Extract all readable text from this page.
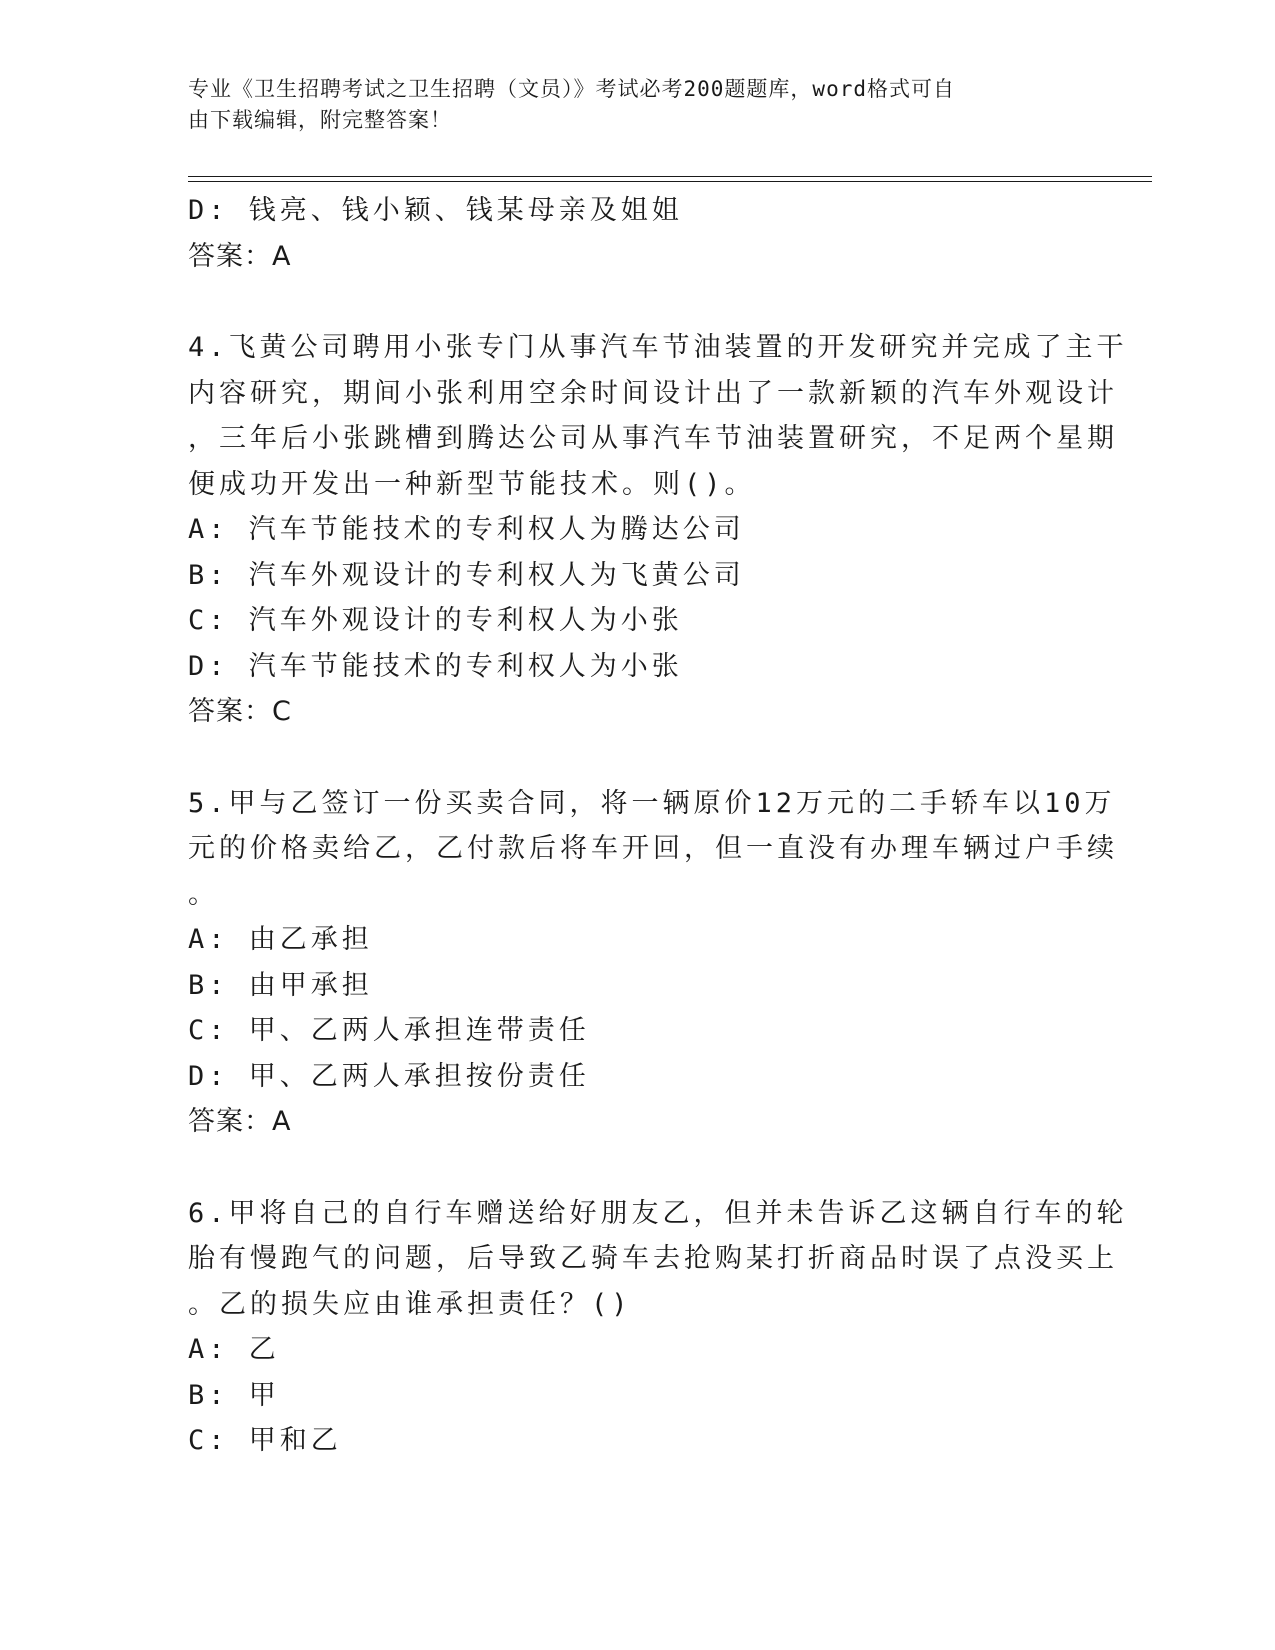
专业《卫生招聘考试之卫生招聘（文员）》考试必考200题题库，word格式可自
由下载编辑，附完整答案！
D: 钱亮、钱小颖、钱某母亲及姐姐
答案：A
4.飞黄公司聘用小张专门从事汽车节油装置的开发研究并完成了主干
内容研究，期间小张利用空余时间设计出了一款新颖的汽车外观设计
，三年后小张跳槽到腾达公司从事汽车节油装置研究，不足两个星期
便成功开发出一种新型节能技术。则()。
A: 汽车节能技术的专利权人为腾达公司
B: 汽车外观设计的专利权人为飞黄公司
C: 汽车外观设计的专利权人为小张
D: 汽车节能技术的专利权人为小张
答案：C
5.甲与乙签订一份买卖合同，将一辆原价12万元的二手轿车以10万
元的价格卖给乙，乙付款后将车开回，但一直没有办理车辆过户手续
。
A: 由乙承担
B: 由甲承担
C: 甲、乙两人承担连带责任
D: 甲、乙两人承担按份责任
答案：A
6.甲将自己的自行车赠送给好朋友乙，但并未告诉乙这辆自行车的轮
胎有慢跑气的问题，后导致乙骑车去抢购某打折商品时误了点没买上
。乙的损失应由谁承担责任？()
A: 乙
B: 甲
C: 甲和乙
